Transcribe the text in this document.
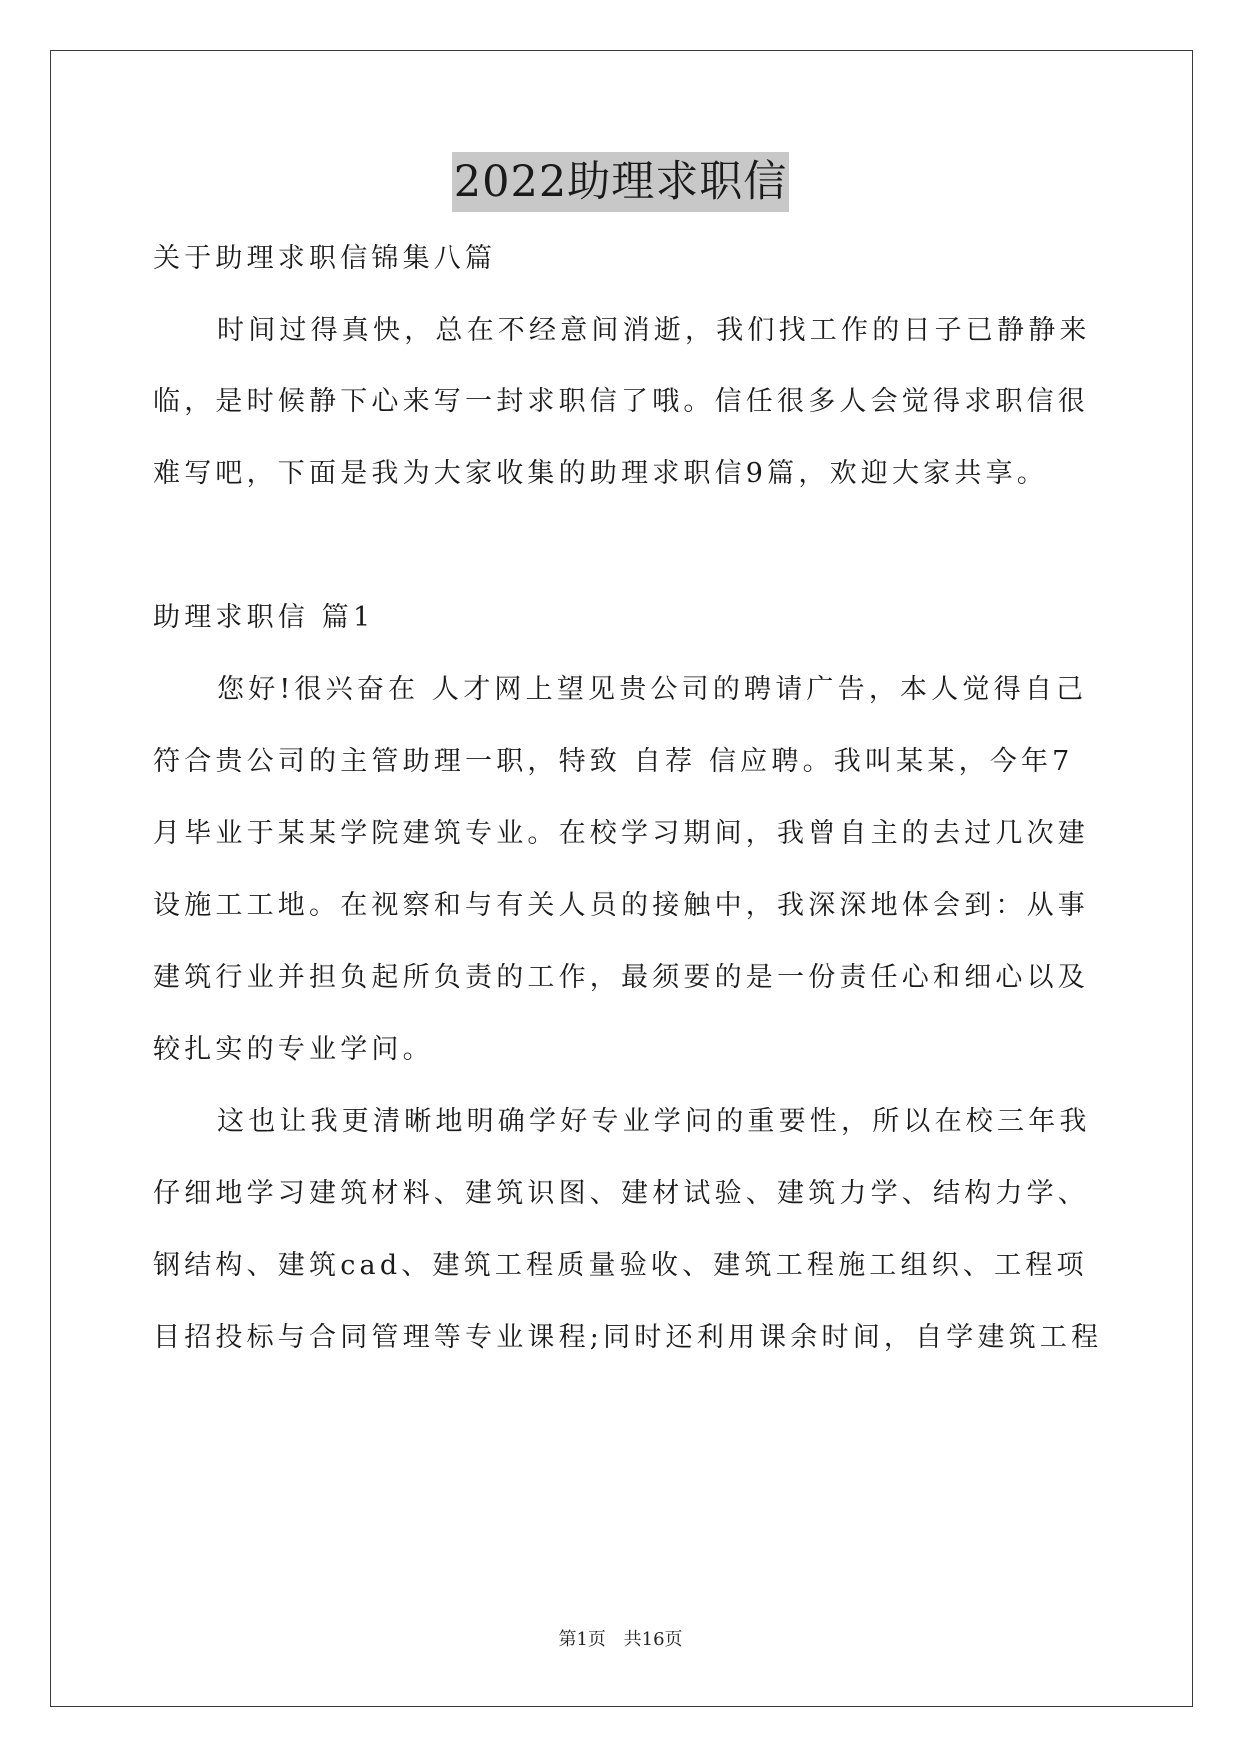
2022助理求职信
关于助理求职信锦集八篇
时间过得真快，总在不经意间消逝，我们找工作的日子已静静来
临，是时候静下心来写一封求职信了哦。信任很多人会觉得求职信很
难写吧，下面是我为大家收集的助理求职信9篇，欢迎大家共享。
助理求职信 篇1
您好!很兴奋在 人才网上望见贵公司的聘请广告，本人觉得自己
符合贵公司的主管助理一职，特致 自荐 信应聘。我叫某某，今年7
月毕业于某某学院建筑专业。在校学习期间，我曾自主的去过几次建
设施工工地。在视察和与有关人员的接触中，我深深地体会到：从事
建筑行业并担负起所负责的工作，最须要的是一份责任心和细心以及
较扎实的专业学问。
这也让我更清晰地明确学好专业学问的重要性，所以在校三年我
仔细地学习建筑材料、建筑识图、建材试验、建筑力学、结构力学、
钢结构、建筑cad、建筑工程质量验收、建筑工程施工组织、工程项
目招投标与合同管理等专业课程;同时还利用课余时间，自学建筑工程
第1页 共16页
